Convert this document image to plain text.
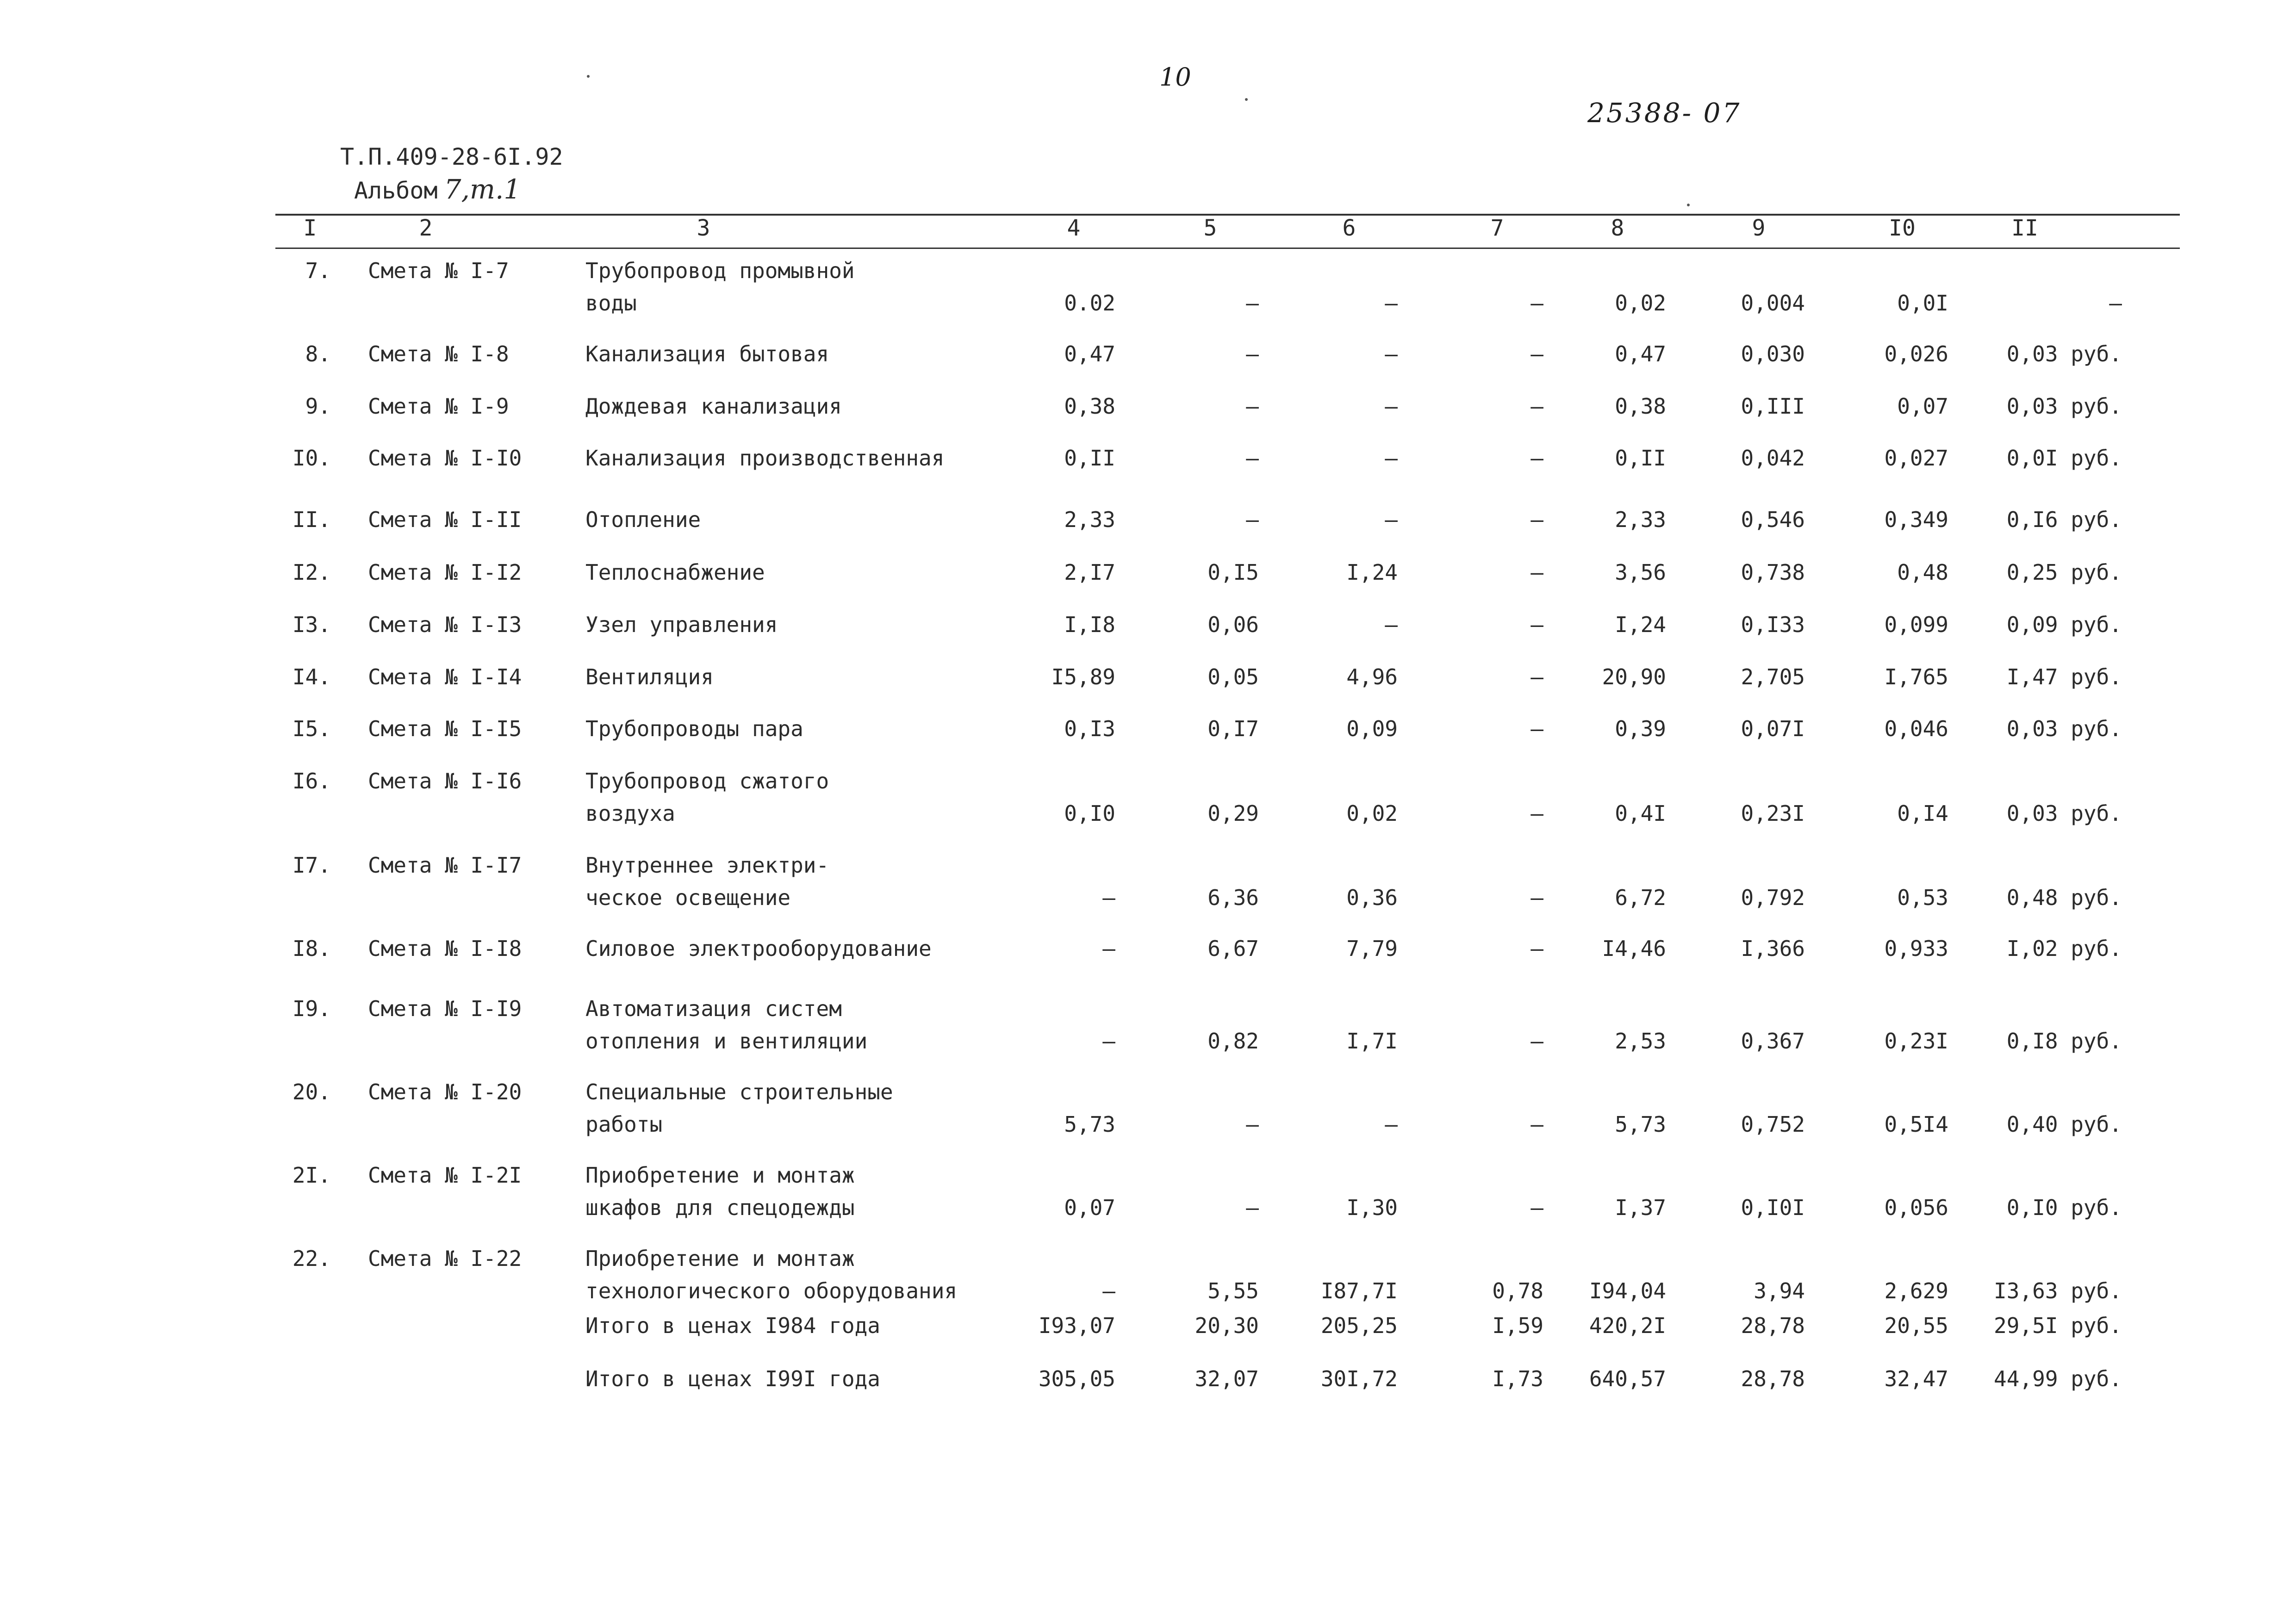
10
25388- 07
Т.П.409-28-6I.92
Альбом 7,т.1
I	2	3	4	5	6	7	8	9	I0	II
7. Смета № I-7	Трубопровод промывной
воды	0.02	–	–	–	0,02	0,004	0,0I	–
8. Смета № I-8	Канализация бытовая	0,47	–	–	–	0,47	0,030	0,026	0,03 руб.
9. Смета № I-9	Дождевая канализация	0,38	–	–	–	0,38	0,III	0,07	0,03 руб.
I0. Смета № I-I0	Канализация производственная	0,II	–	–	–	0,II	0,042	0,027	0,0I руб.
II. Смета № I-II	Отопление	2,33	–	–	–	2,33	0,546	0,349	0,I6 руб.
I2. Смета № I-I2	Теплоснабжение	2,I7	0,I5	I,24	–	3,56	0,738	0,48	0,25 руб.
I3. Смета № I-I3	Узел управления	I,I8	0,06	–	–	I,24	0,I33	0,099	0,09 руб.
I4. Смета № I-I4	Вентиляция	I5,89	0,05	4,96	–	20,90	2,705	I,765	I,47 руб.
I5. Смета № I-I5	Трубопроводы пара	0,I3	0,I7	0,09	–	0,39	0,07I	0,046	0,03 руб.
I6. Смета № I-I6	Трубопровод сжатого
воздуха	0,I0	0,29	0,02	–	0,4I	0,23I	0,I4	0,03 руб.
I7. Смета № I-I7	Внутреннее электри-
ческое освещение	–	6,36	0,36	–	6,72	0,792	0,53	0,48 руб.
I8. Смета № I-I8	Силовое электрооборудование	–	6,67	7,79	–	I4,46	I,366	0,933	I,02 руб.
I9. Смета № I-I9	Автоматизация систем
отопления и вентиляции	–	0,82	I,7I	–	2,53	0,367	0,23I	0,I8 руб.
20. Смета № I-20	Специальные строительные
работы	5,73	–	–	–	5,73	0,752	0,5I4	0,40 руб.
2I. Смета № I-2I	Приобретение и монтаж
шкафов для спецодежды	0,07	–	I,30	–	I,37	0,I0I	0,056	0,I0 руб.
22. Смета № I-22	Приобретение и монтаж
технологического оборудования	–	5,55	I87,7I	0,78	I94,04	3,94	2,629	I3,63 руб.
Итого в ценах I984 года	I93,07	20,30	205,25	I,59	420,2I	28,78	20,55	29,5I руб.
Итого в ценах I99I года	305,05	32,07	30I,72	I,73	640,57	28,78	32,47	44,99 руб.
